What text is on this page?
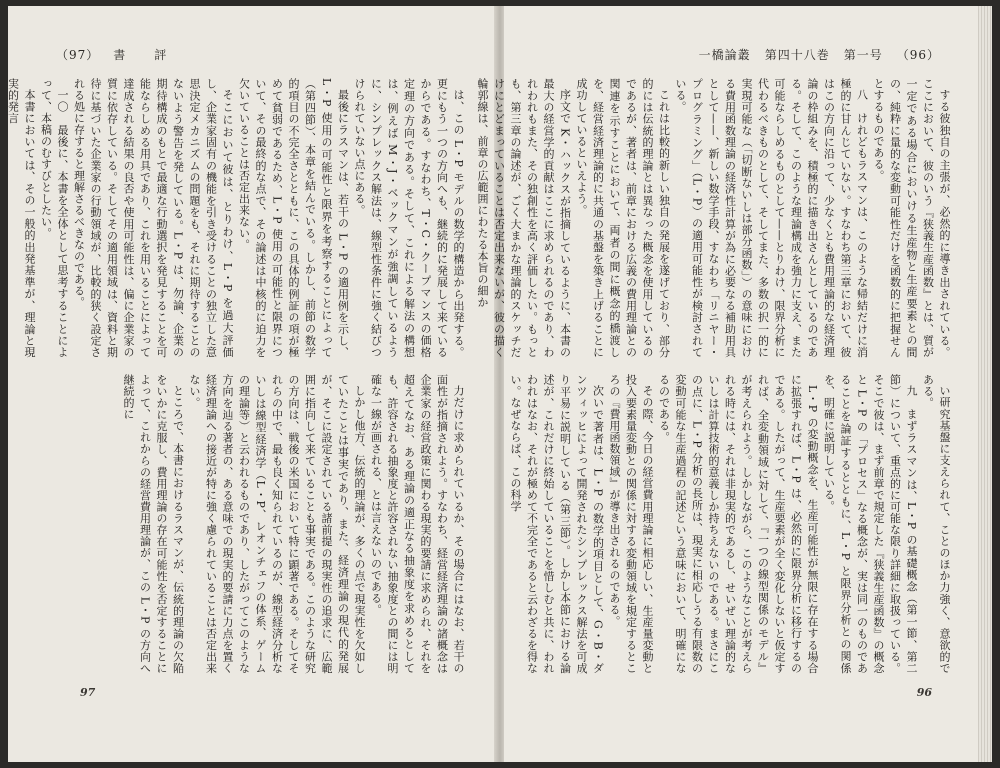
（97） 書 評

は、この L・P モデルの数学的構造から出発する。更にもう一つの方向へも、継続的に発展して来ているからである。すなわち、T・C・クープマンスの価格定理の方向である。そして、これによる解法の構想は、例えば M・J・ベックマンが強調しているように、シンプレックス解法は、線型性条件に強く結びつけられていない点にある。

最後にラスマンは、若干の L・P の適用例を示し、L・P 使用の可能性と限界を考察することによって（第四節）、本章を結んでいる。しかし、前節の数学的項目の不完全さとともに、この具体的例証の項が極めて貧弱であるため、L・P 使用の可能性と限界について、その最終的な点で、その論述は中核的に迫力を欠いていることは否定出来ない。

そこにおいて彼は、とりわけ、L・P を過大評価し、企業家固有の機能を引き受けることの独立した意思決定メカニズムの問題をも、それに期待することのないよう警告を発している。L・P は、勿論、企業の期待構成のもとで最適な行動選択を発見することを可能ならしめる用具であり、これを用いることによって達成される結果の良否や使用可能性は、偏に企業家の質に依存している。そしてその適用領域は、資料と期待に基づいた企業家の行動領域が、比較的狭く設定される処に存すると理解さるべきなのである。

一〇　最後に、本書を全体として思考することによって、本稿のむすびとしたい。

本書においては、その一般的出発基準が、理論と現実的発言

力だけに求められているか、その場合にはなお、若干の面性が指摘されよう。すなわち、経営経済理論の諸概念は企業家の経営政策に関わる現実的要請に求められ、それを超えてなお、ある理論の適正なる抽象度を求めるとしても、許容される抽象度と許容されない抽象度との間には明確な一線が画される、とは言えないのである。

しかし他方、伝統的理論が、多くの点で現実性を欠如していたことは事実であり、また、経済理論の現代的発展が、そこに設定されている諸前提の現実性の追求に、広範囲に指向して来ていることも事実である。このような研究の方向は、戦後の米国において特に顕著である。そしてそれらの中で、最も良く知られているのが、線型経済分析ないしは線型経済学（L・P、レオンチェフの体系、ゲームの理論等）と云われるものであり、したがってこのような方向を辿る著者の、ある意味での現実的要請に力点を置く経済理論への接近が特に強く慮られていることは否定出来ない。

ところで、本書におけるラスマンが、伝統的理論の欠陥をいかに克服し、費用理論の存在可能性を否定することによって、これからの経営費用理論が、この L・P の方向へ継続的に

97
一橋論叢 第四十八巻 第一号 （96）

する彼独自の主張が、必然的に導き出されている。ここにおいて、彼のいう『狭義生産函数』とは、質が一定である場合においける生産物と生産要素との間の、純粋に量的な変動可能性だけを函数的に把握せんとするものである。

八　けれどもラスマンは、このような帰結だけに消極的に甘んじていない。すなわち第三章において、彼はこの方向に沿って、少なくとも費用理論的な経済理論の枠組みを、積極的に描き出さんとしているのである。そして、このような理論構成を強力に支え、また可能ならしめるものとして——とりわけ、限界分析に代わるべきものとして、そしてまた、多数の択一的に実現可能な（「切断ないしは部分函数」）の意味における費用函数理論の経済性計算が為に必要なる補助用具として——、新しい数学手段、すなわち「リニヤー・プログラミング」（L・P）の適用可能性が検討されている。

これは比較的新しい独自の発展を遂げており、部分的には伝統的理論とは異なった概念を使用しているのであるが、著者は、前章における広義の費用理論との関連を示すことにおいて、両者の間に概念的橋渡しを、経営経済理論的に共通の基盤を築き上げることに成功しているといえよう。

序文で K・ハックスが指摘しているように、本書の最大の経営学的貢献はここに求められるのであり、われわれもまた、その独創性を高く評価したい。もっとも、第三章の論述が、ごく大まかな理論的スケッチだけにとどまっていることは否定出来ないが、彼の描く輪郭線は、前章の広範囲にわたる本旨の細か

い研究基盤に支えられて、ことのほか力強く、意欲的である。

九　まずラスマンは、L・P の基礎概念（第一節、第二節）について、重点的に可能な限り詳細に取扱っている。そこで彼は、まず前章で規定した『狭義生産函数』の概念と L・P の「プロセス」なる概念が、実は同一のものであることを論証するとともに、L・P と限界分析との関係を、明確に説明している。

L・P の変動概念を、生産可能性が無限に存在する場合に拡張すれば、L・P は、必然的に限界分析に移行するのである。したがって、生産要素が全く変化しないと仮定すれば、全変動領域に対して、『一つの線型関係のモデル』が考えられよう。しかしながら、このようなことが考えられる時には、それは非現実的であるし、せいぜい理論的ないしは計算技術的意義しか持ちえないのである。まさにこの点に、L・P 分析の長所は、現実に相応しうる有限数の変動可能な生産過程の記述という意味において、明確になるのである。

その際、今日の経営費用理論に相応しい、生産量変動と投入要素量変動との関係に対する変動領域を規定するところの『費用函数領域』が導き出されるのである。

次いで著者は、L・P の数学的項目として、G・B・ダンツィッヒによって開発されたシンプレックス解法を可成り平易に説明している（第三節）。しかし本節における論述が、これだけに終始していることを惜しむと共に、われわれはなお、それが極めて不完全であると云わざるを得ない。なぜならば、この科学

96
